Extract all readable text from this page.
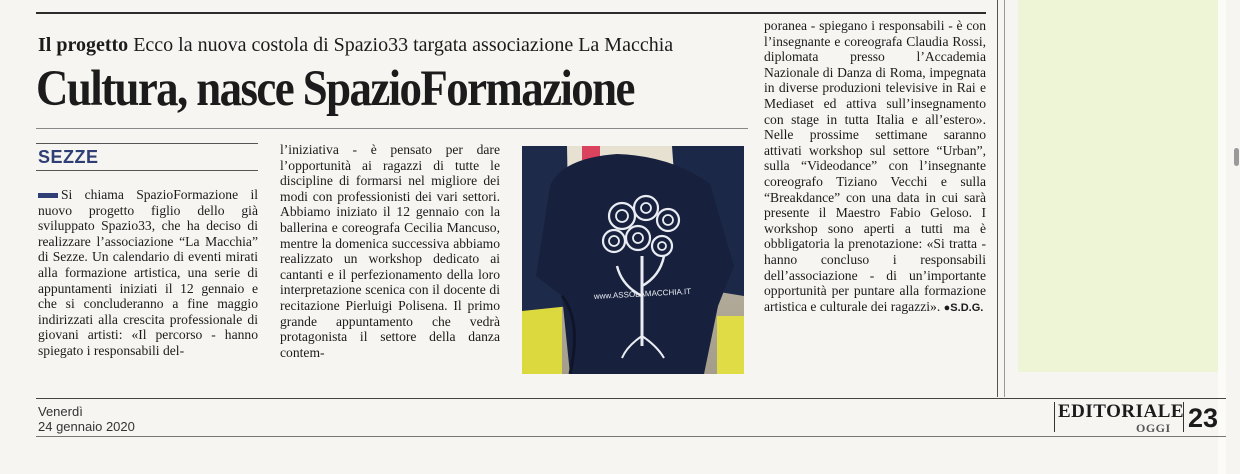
Il progetto Ecco la nuova costola di Spazio33 targata associazione La Macchia
Cultura, nasce SpazioFormazione
SEZZE

Si chiama SpazioFormazione il nuovo progetto figlio dello già sviluppato Spazio33, che ha deciso di realizzare l’associazione “La Macchia” di Sezze. Un calendario di eventi mirati alla formazione artistica, una serie di appuntamenti iniziati il 12 gennaio e che si concluderanno a fine maggio indirizzati alla crescita professionale di giovani artisti: «Il percorso - hanno spiegato i responsabili del-

l’iniziativa - è pensato per dare l’opportunità ai ragazzi di tutte le discipline di formarsi nel migliore dei modi con professionisti dei vari settori. Abbiamo iniziato il 12 gennaio con la ballerina e coreografa Cecilia Mancuso, mentre la domenica successiva abbiamo realizzato un workshop dedicato ai cantanti e il perfezionamento della loro interpretazione scenica con il docente di recitazione Pierluigi Polisena. Il primo grande appuntamento che vedrà protagonista il settore della danza contem-

www.ASSOLAMACCHIA.IT

poranea - spiegano i responsabili - è con l’insegnante e coreografa Claudia Rossi, diplomata presso l’Accademia Nazionale di Danza di Roma, impegnata in diverse produzioni televisive in Rai e Mediaset ed attiva sull’insegnamento con stage in tutta Italia e all’estero». Nelle prossime settimane saranno attivati workshop sul settore “Urban”, sulla “Videodance” con l’insegnante coreografo Tiziano Vecchi e sulla “Breakdance” con una data in cui sarà presente il Maestro Fabio Geloso. I workshop sono aperti a tutti ma è obbligatoria la prenotazione: «Si tratta - hanno concluso i responsabili dell’associazione - di un’importante opportunità per puntare alla formazione artistica e culturale dei ragazzi». ●S.D.G.

Venerdì
24 gennaio 2020
EDITORIALE
OGGI 23
